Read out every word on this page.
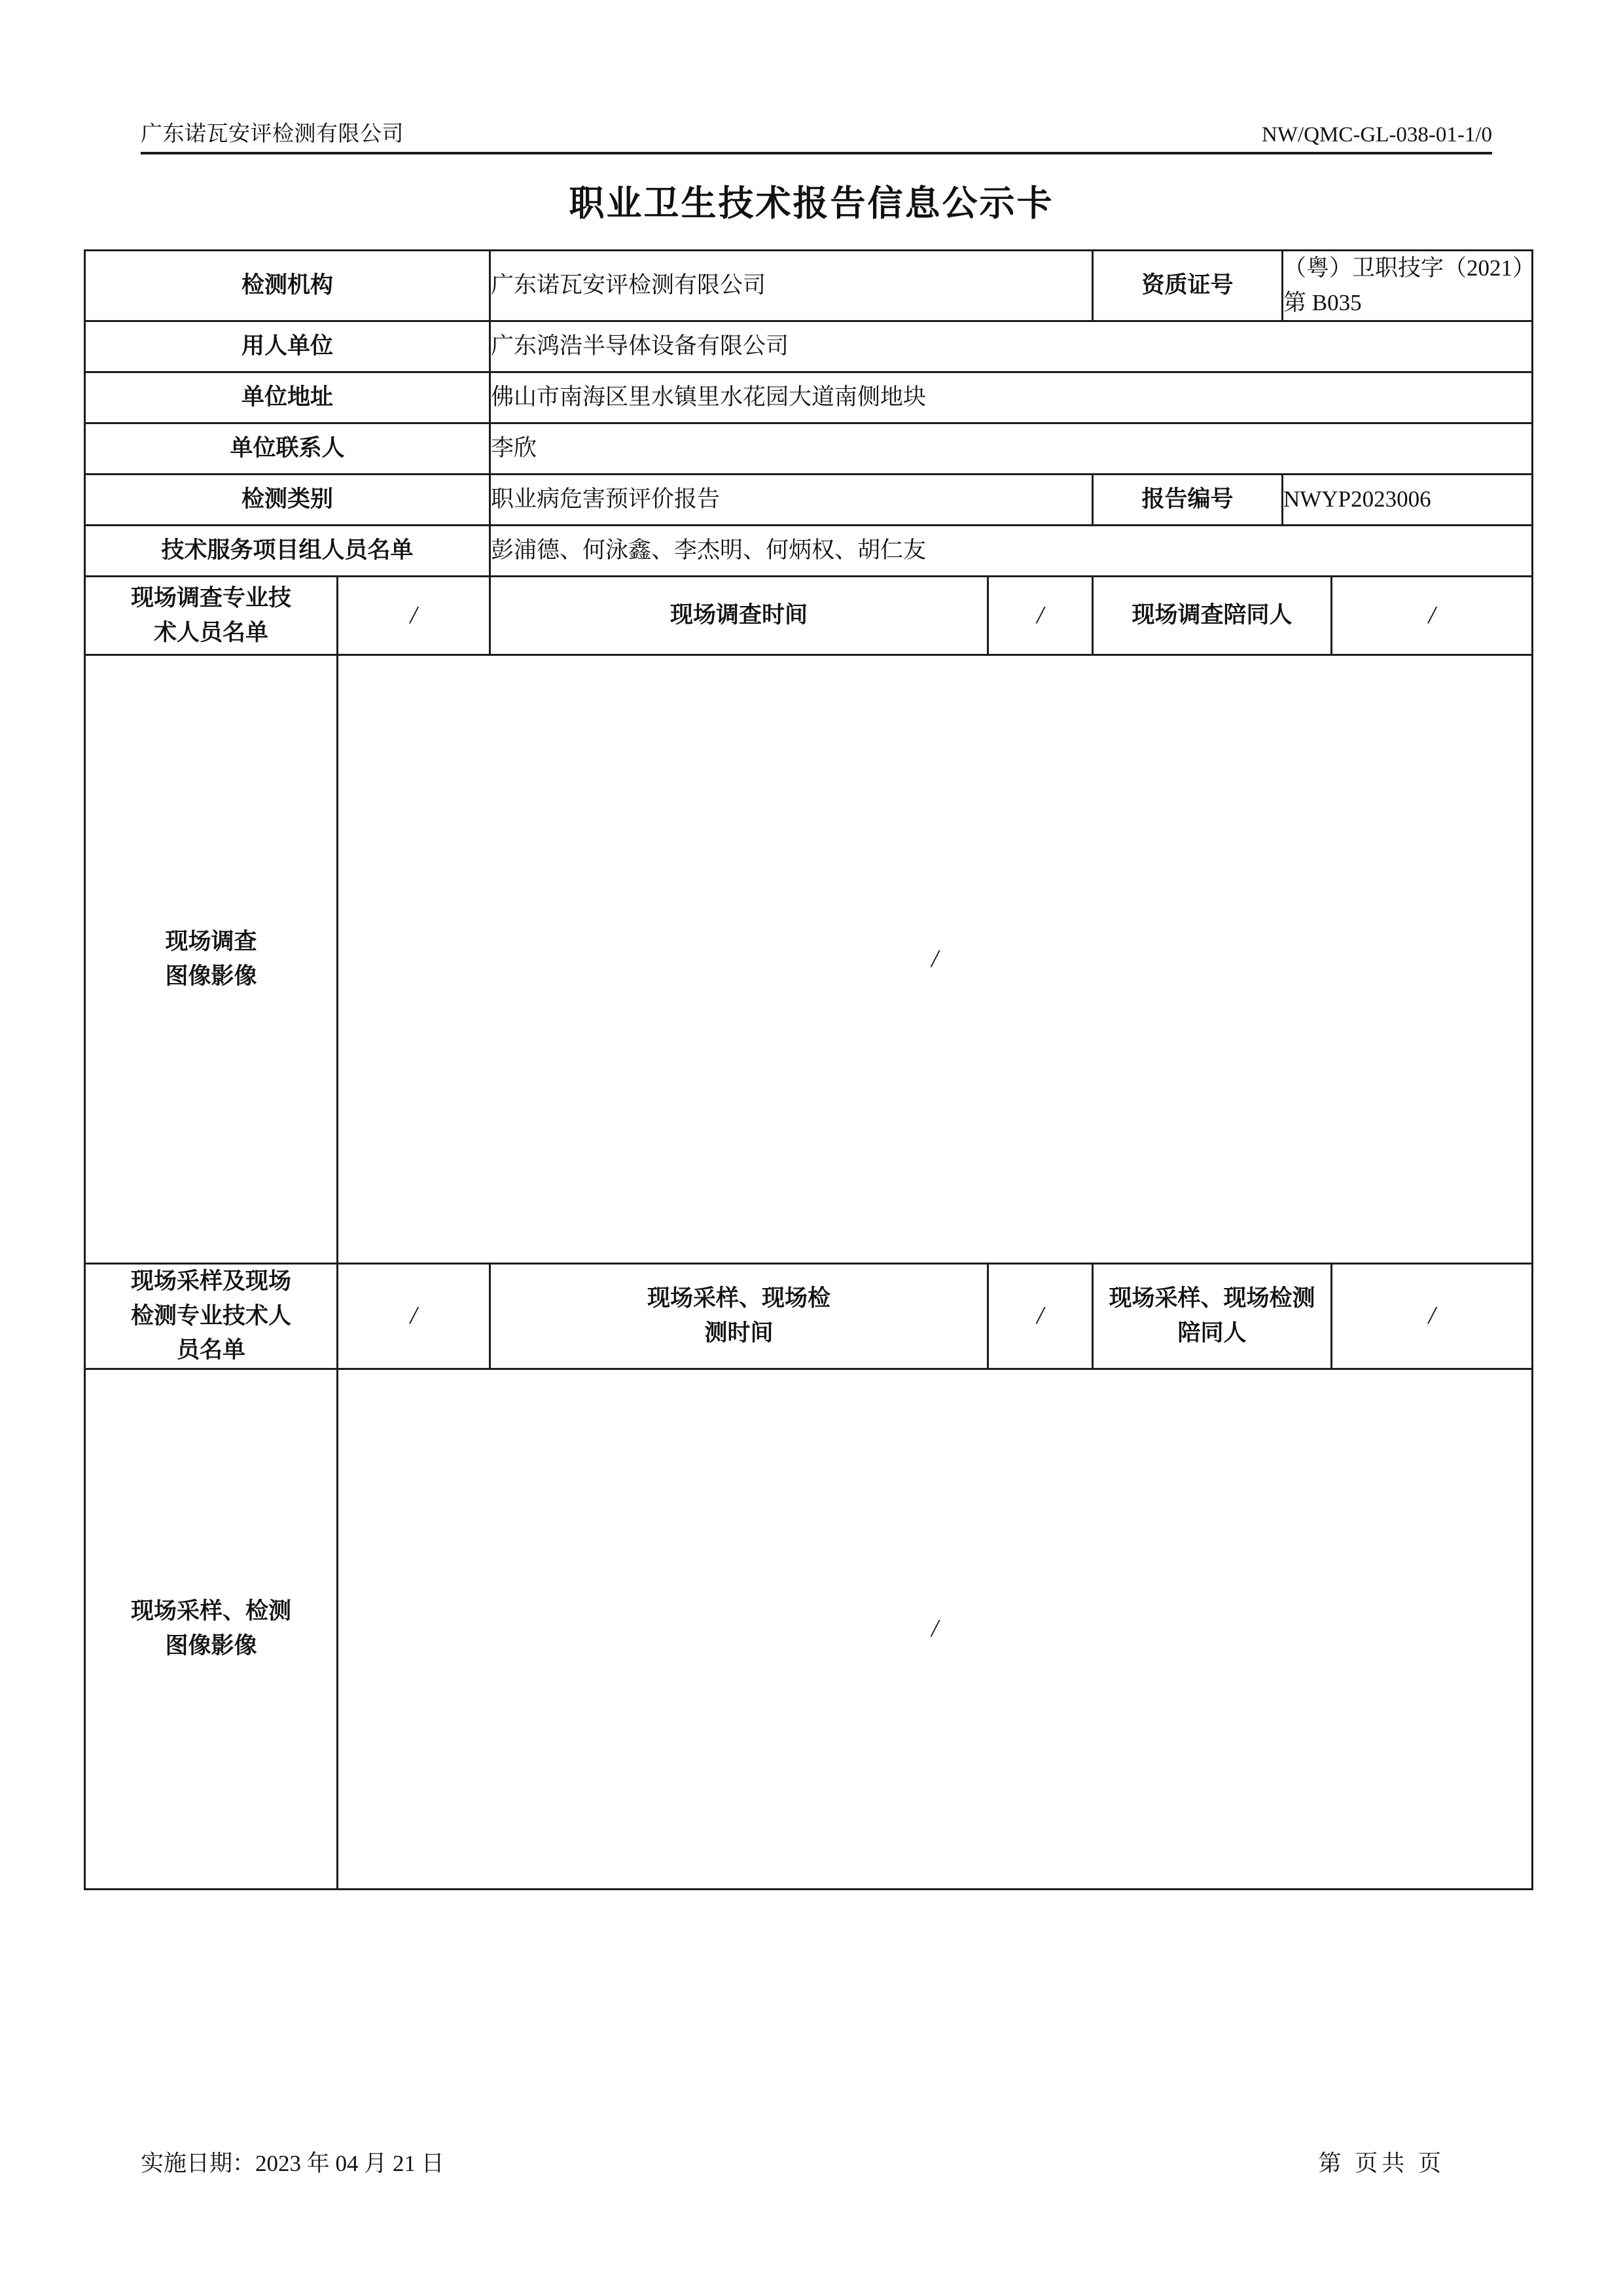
广东诺瓦安评检测有限公司	NW/QMC-GL-038-01-1/0
职业卫生技术报告信息公示卡
检测机构		广东诺瓦安评检测有限公司		资质证号	（粤）卫职技字（2021）第 B035	
用人单位		广东鸿浩半导体设备有限公司				
单位地址		佛山市南海区里水镇里水花园大道南侧地块				
单位联系人		李欣				
检测类别		职业病危害预评价报告		报告编号	NWYP2023006	
技术服务项目组人员名单		彭浦德、何泳鑫、李杰明、何炳权、胡仁友				
现场调查专业技
术人员名单	/	现场调查时间	/	现场调查陪同人		/
现场调查
图像影像	/					
现场采样及现场
检测专业技术人
员名单	/	现场采样、现场检
测时间	/	现场采样、现场检测
陪同人		/
现场采样、检测
图像影像	/					
实施日期：2023 年 04 月 21 日	第 页共 页
